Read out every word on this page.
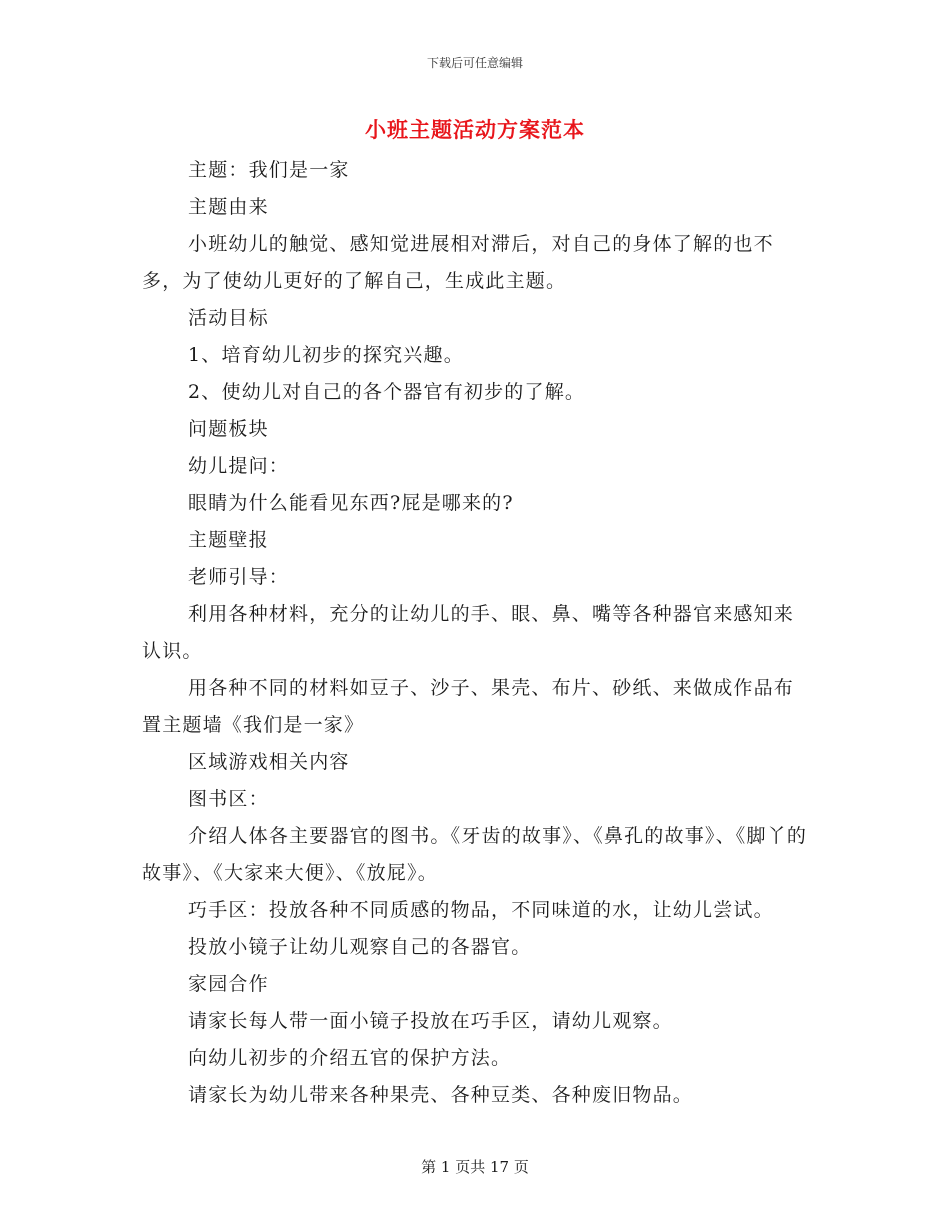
下载后可任意编辑
小班主题活动方案范本

主题：我们是一家

主题由来

小班幼儿的触觉、感知觉进展相对滞后，对自己的身体了解的也不多，为了使幼儿更好的了解自己，生成此主题。

活动目标

1、培育幼儿初步的探究兴趣。

2、使幼儿对自己的各个器官有初步的了解。

问题板块

幼儿提问：

眼睛为什么能看见东西?屁是哪来的?

主题壁报

老师引导：

利用各种材料，充分的让幼儿的手、眼、鼻、嘴等各种器官来感知来认识。

用各种不同的材料如豆子、沙子、果壳、布片、砂纸、来做成作品布置主题墙《我们是一家》

区域游戏相关内容

图书区：

介绍人体各主要器官的图书。《牙齿的故事》、《鼻孔的故事》、《脚丫的故事》、《大家来大便》、《放屁》。

巧手区：投放各种不同质感的物品，不同味道的水，让幼儿尝试。

投放小镜子让幼儿观察自己的各器官。

家园合作

请家长每人带一面小镜子投放在巧手区，请幼儿观察。

向幼儿初步的介绍五官的保护方法。

请家长为幼儿带来各种果壳、各种豆类、各种废旧物品。

第 1 页共 17 页
